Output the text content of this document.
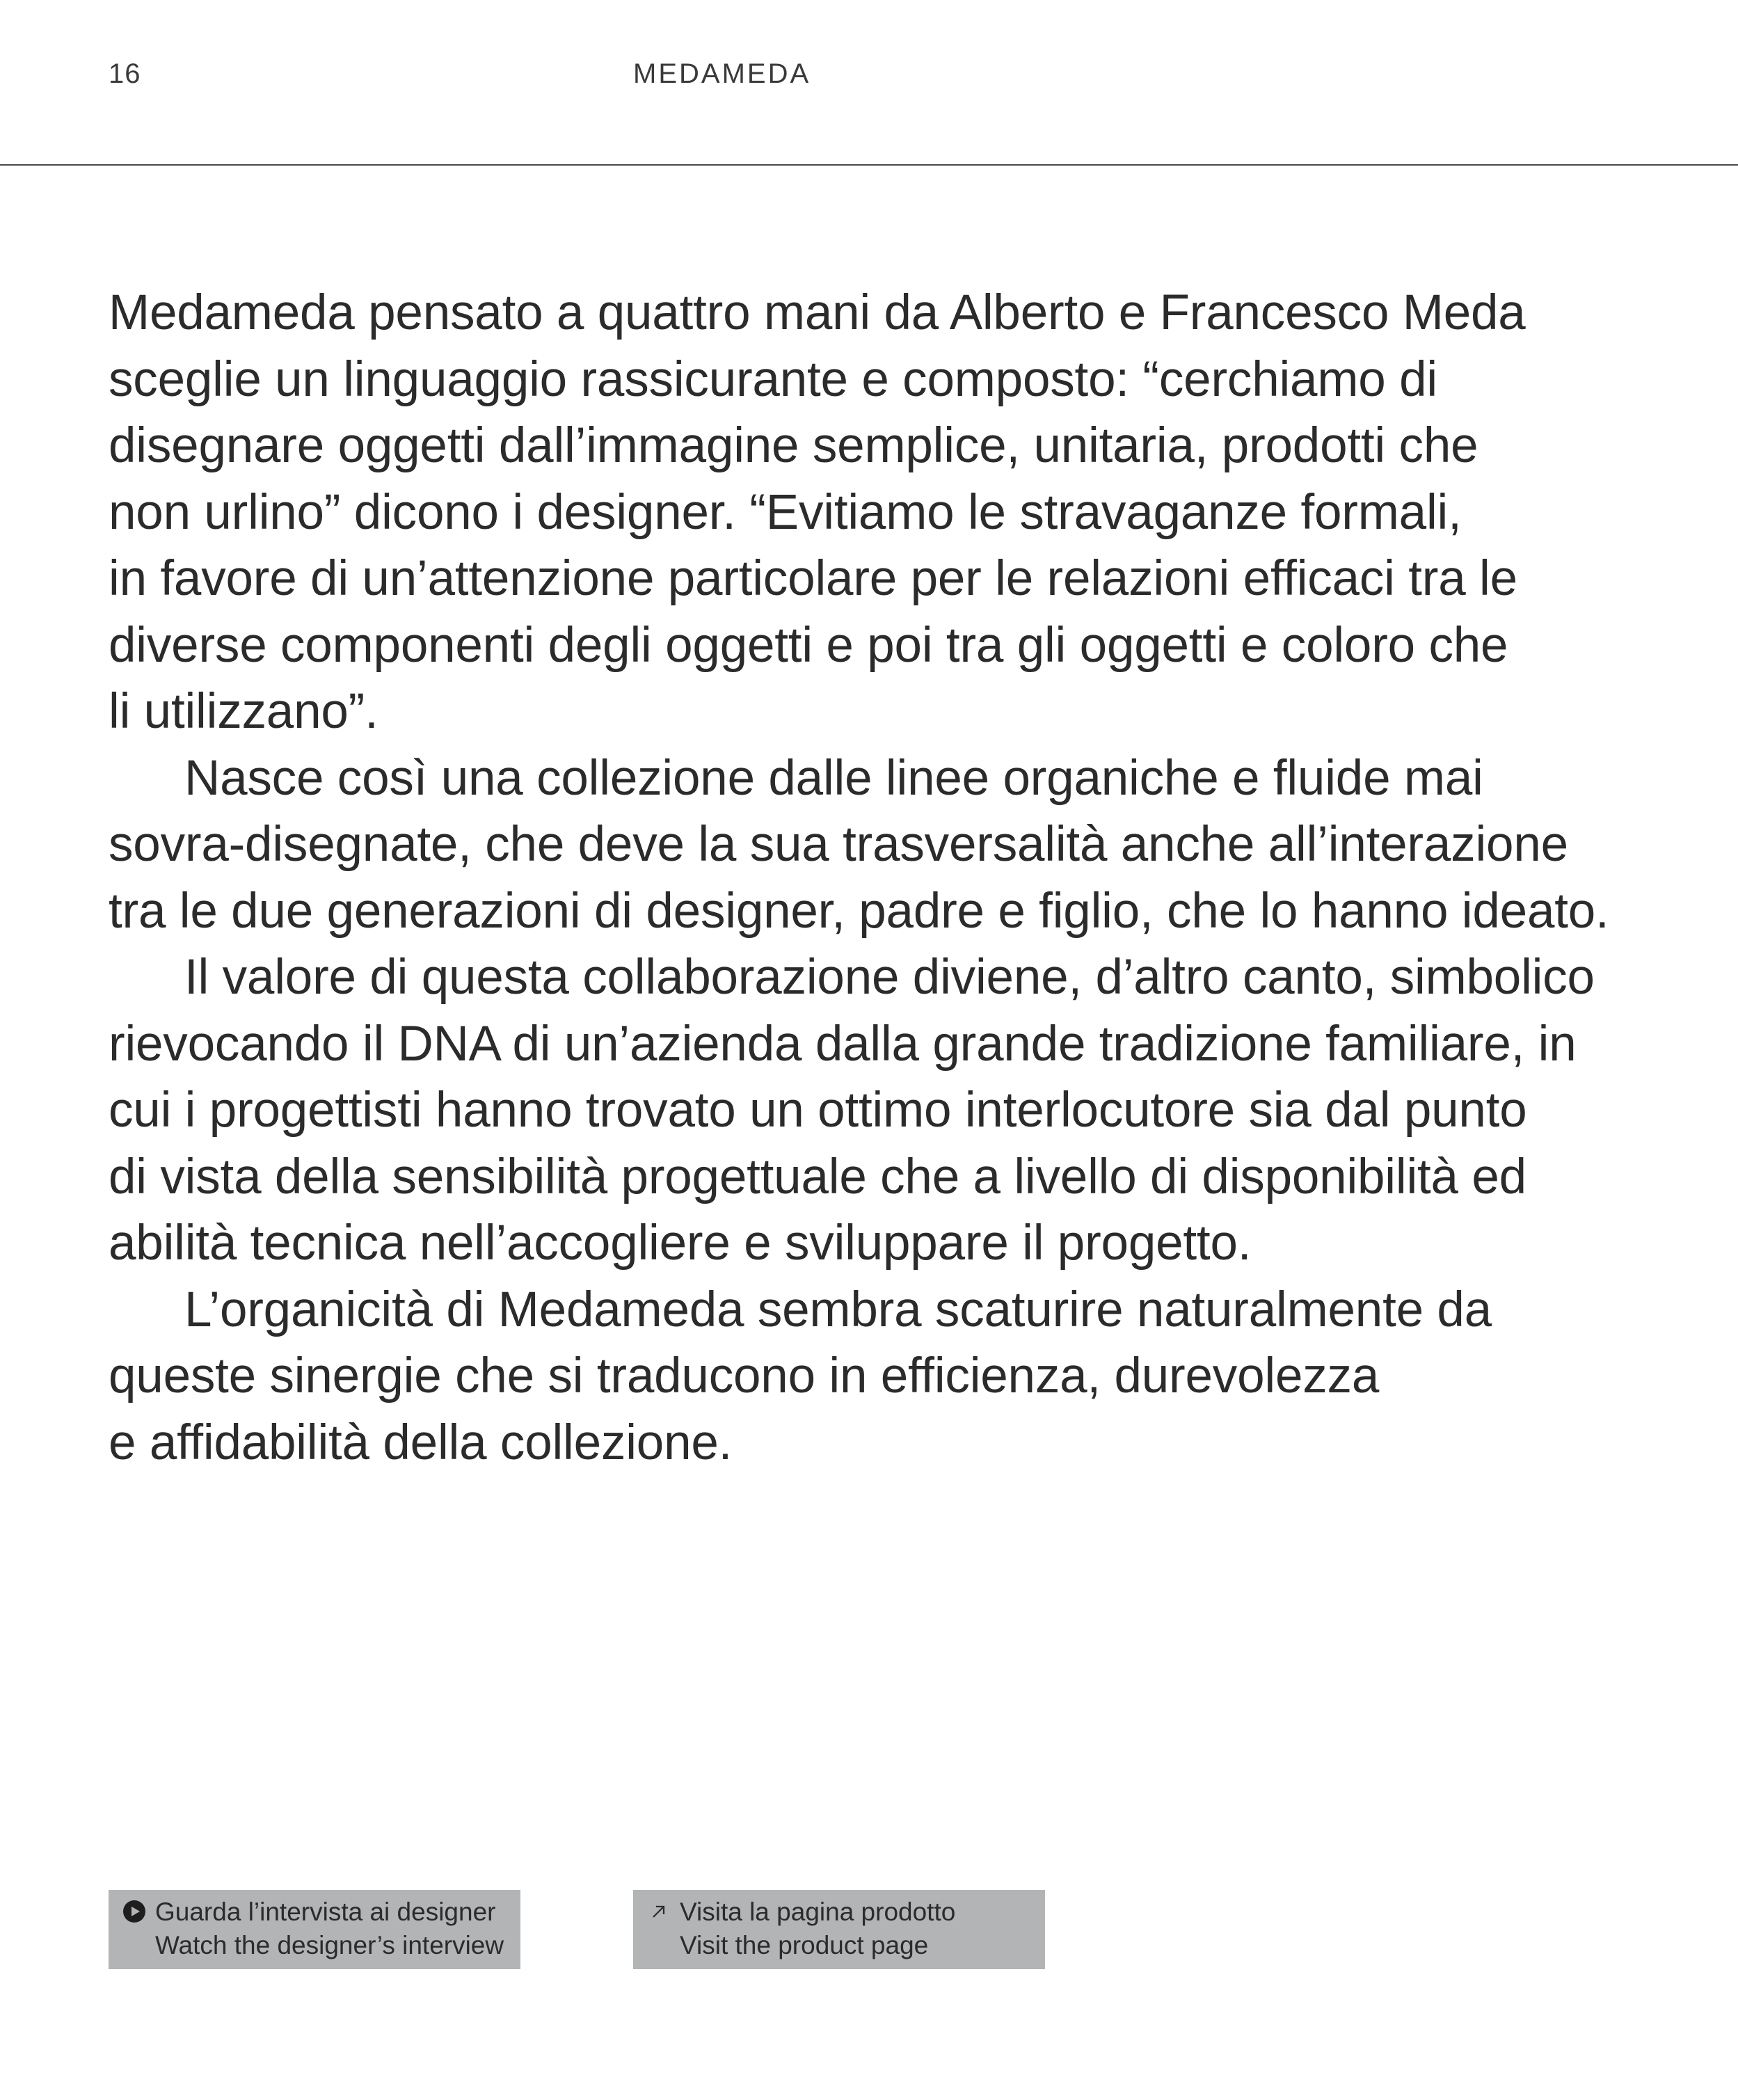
16	MEDAMEDA
Medameda pensato a quattro mani da Alberto e Francesco Meda
sceglie un linguaggio rassicurante e composto: “cerchiamo di
disegnare oggetti dall’immagine semplice, unitaria, prodotti che
non urlino” dicono i designer. “Evitiamo le stravaganze formali,
in favore di un’attenzione particolare per le relazioni efficaci tra le
diverse componenti degli oggetti e poi tra gli oggetti e coloro che
li utilizzano”.
Nasce così una collezione dalle linee organiche e fluide mai
sovra-disegnate, che deve la sua trasversalità anche all’interazione
tra le due generazioni di designer, padre e figlio, che lo hanno ideato.
Il valore di questa collaborazione diviene, d’altro canto, simbolico
rievocando il DNA di un’azienda dalla grande tradizione familiare, in
cui i progettisti hanno trovato un ottimo interlocutore sia dal punto
di vista della sensibilità progettuale che a livello di disponibilità ed
abilità tecnica nell’accogliere e sviluppare il progetto.
L’organicità di Medameda sembra scaturire naturalmente da
queste sinergie che si traducono in efficienza, durevolezza
e affidabilità della collezione.
Guarda l’intervista ai designer
Watch the designer’s interview
Visita la pagina prodotto
Visit the product page
